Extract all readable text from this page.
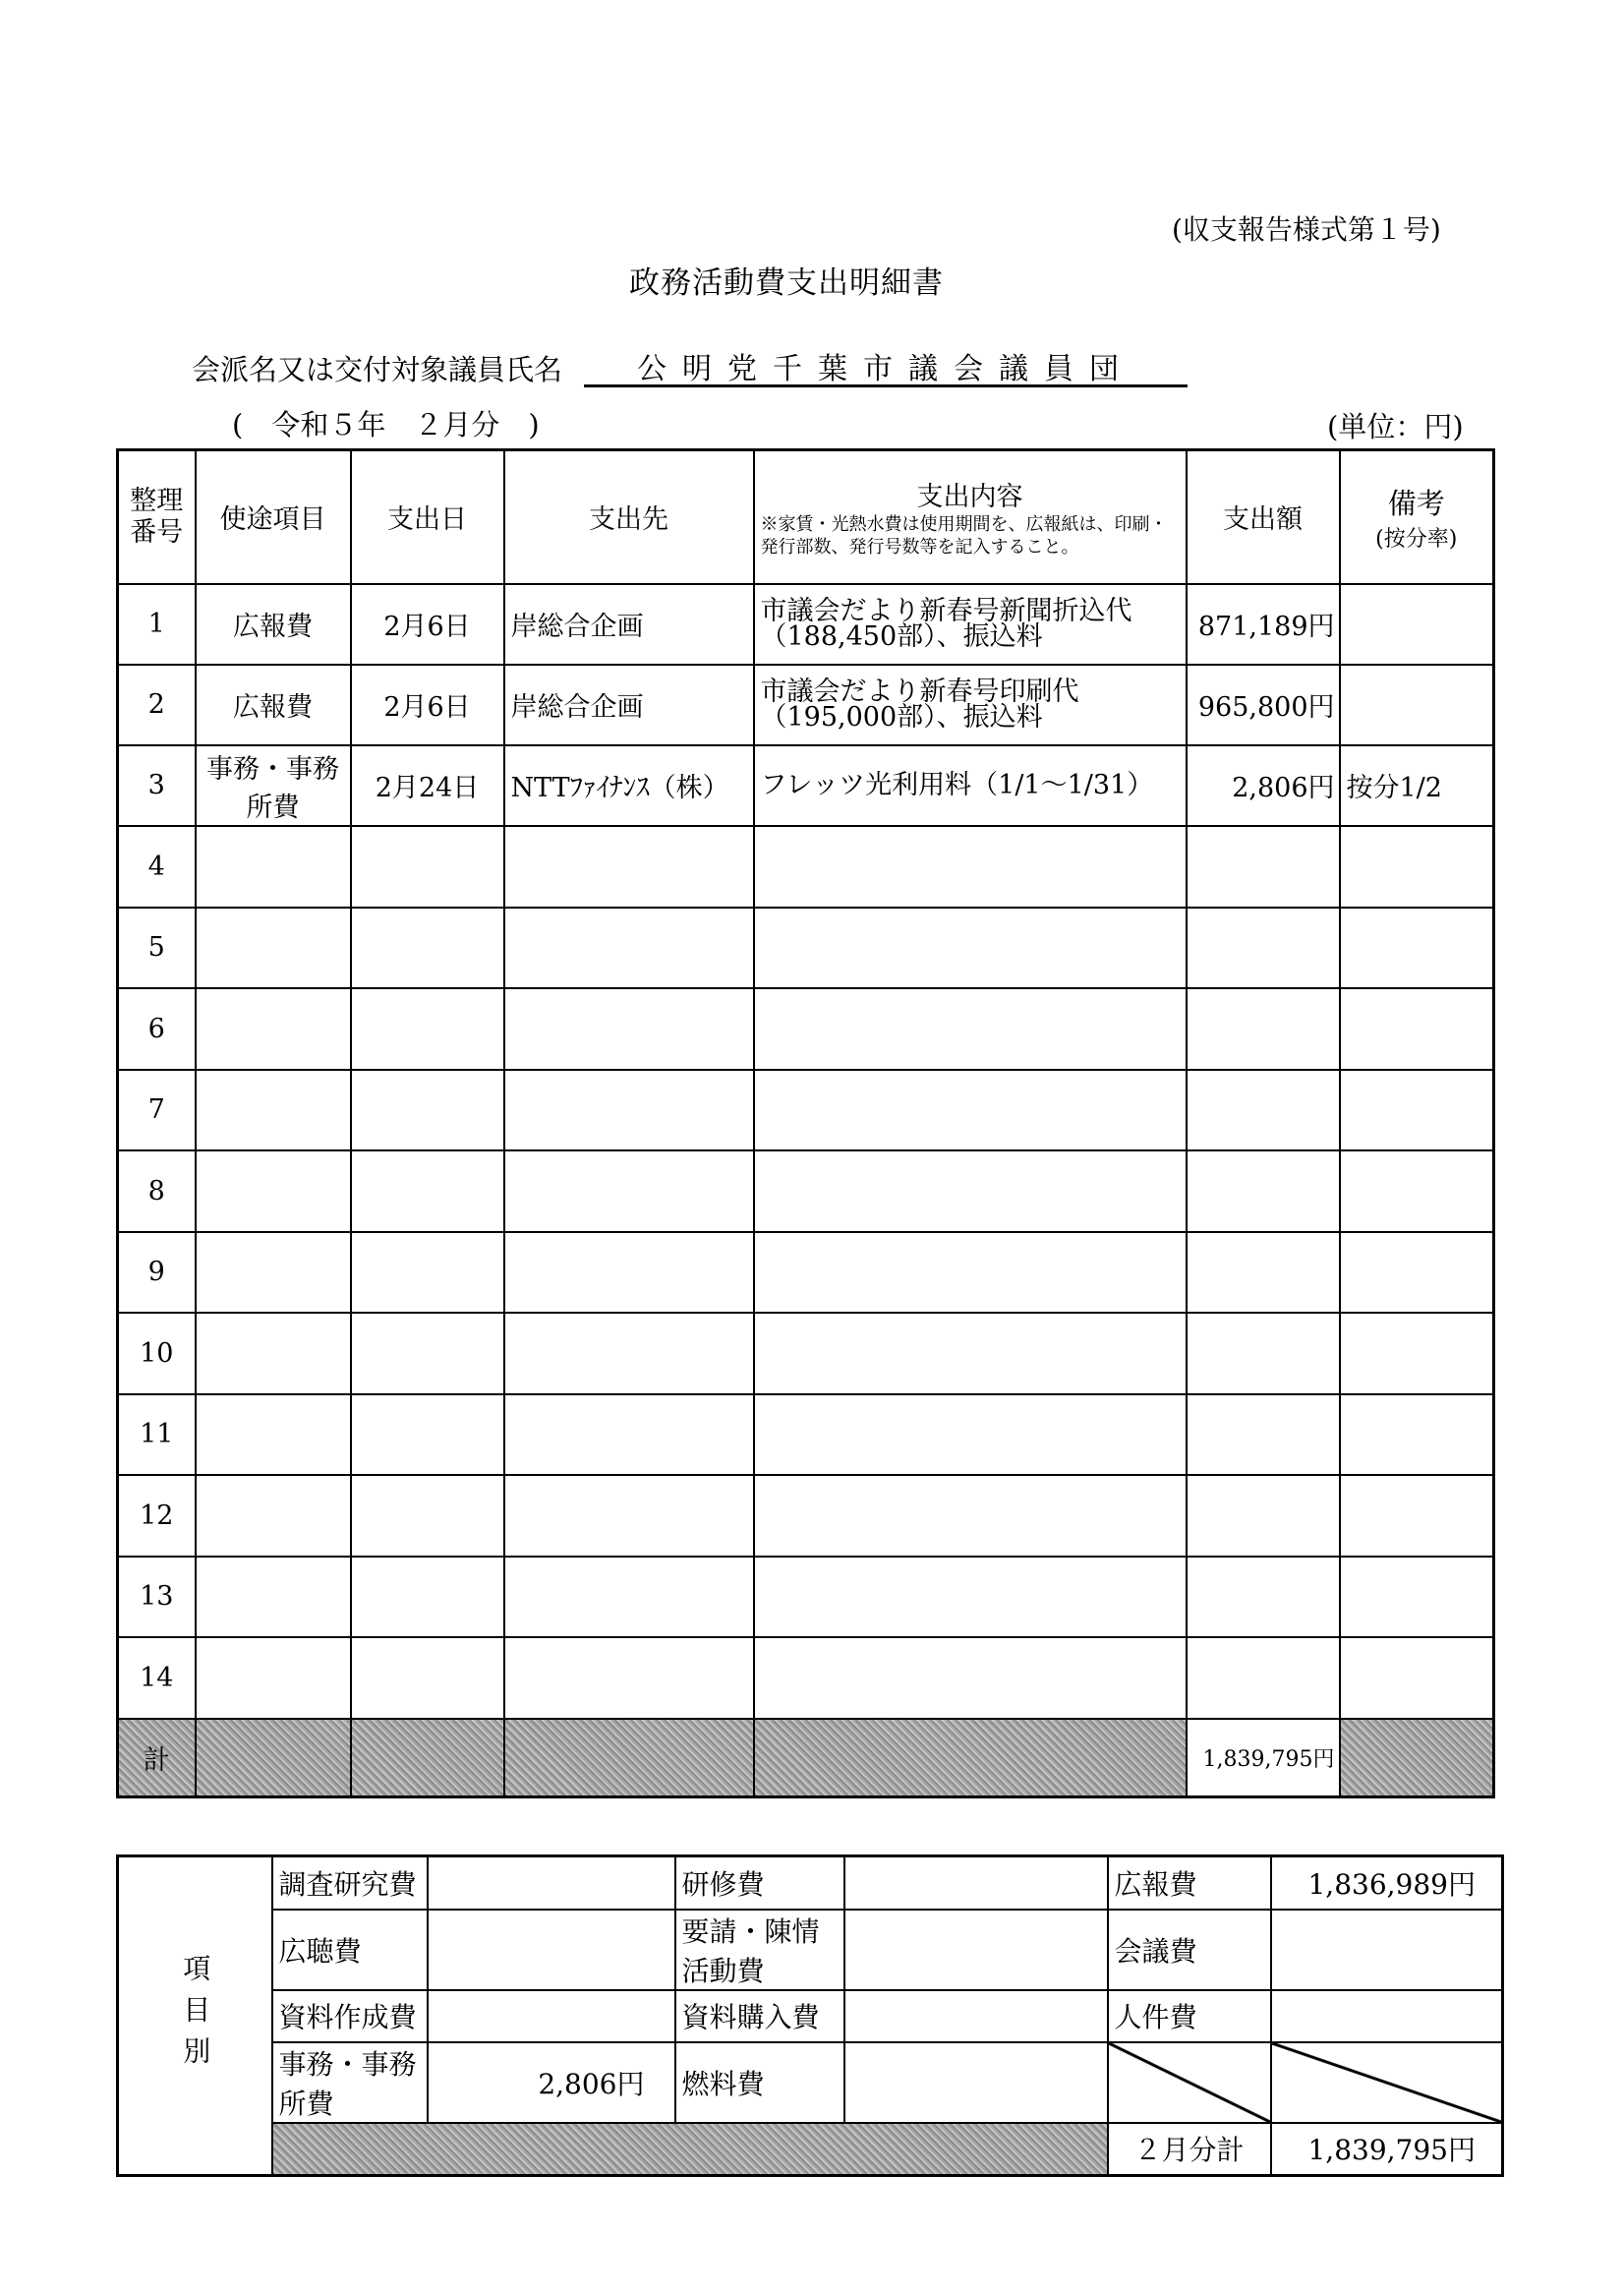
(収支報告様式第１号)
政務活動費支出明細書
会派名又は交付対象議員氏名	公明党千葉市議会議員団
(　令和５年　２月分　)	(単位：円)
整理番号	使途項目	支出日	支出先	支出内容
※家賃・光熱水費は使用期間を、広報紙は、印刷・発行部数、発行号数等を記入すること。	支出額	備考
(按分率)

1	広報費	2月6日	岸総合企画	市議会だより新春号新聞折込代（188,450部）、振込料	871,189円	
2	広報費	2月6日	岸総合企画	市議会だより新春号印刷代（195,000部）、振込料	965,800円	
3	事務・事務所費	2月24日	NTTﾌｧｲﾅﾝｽ（株）	フレッツ光利用料（1/1〜1/31）	2,806円	按分1/2
4						
5						
6						
7						
8						
9						
10						
11						
12						
13						
14						
計					1,839,795円	
項目別	調査研究費		研修費		広報費	1,836,989円
	広聴費		要請・陳情活動費		会議費	
	資料作成費		資料購入費		人件費	
	事務・事務所費	2,806円	燃料費			
					２月分計	1,839,795円
